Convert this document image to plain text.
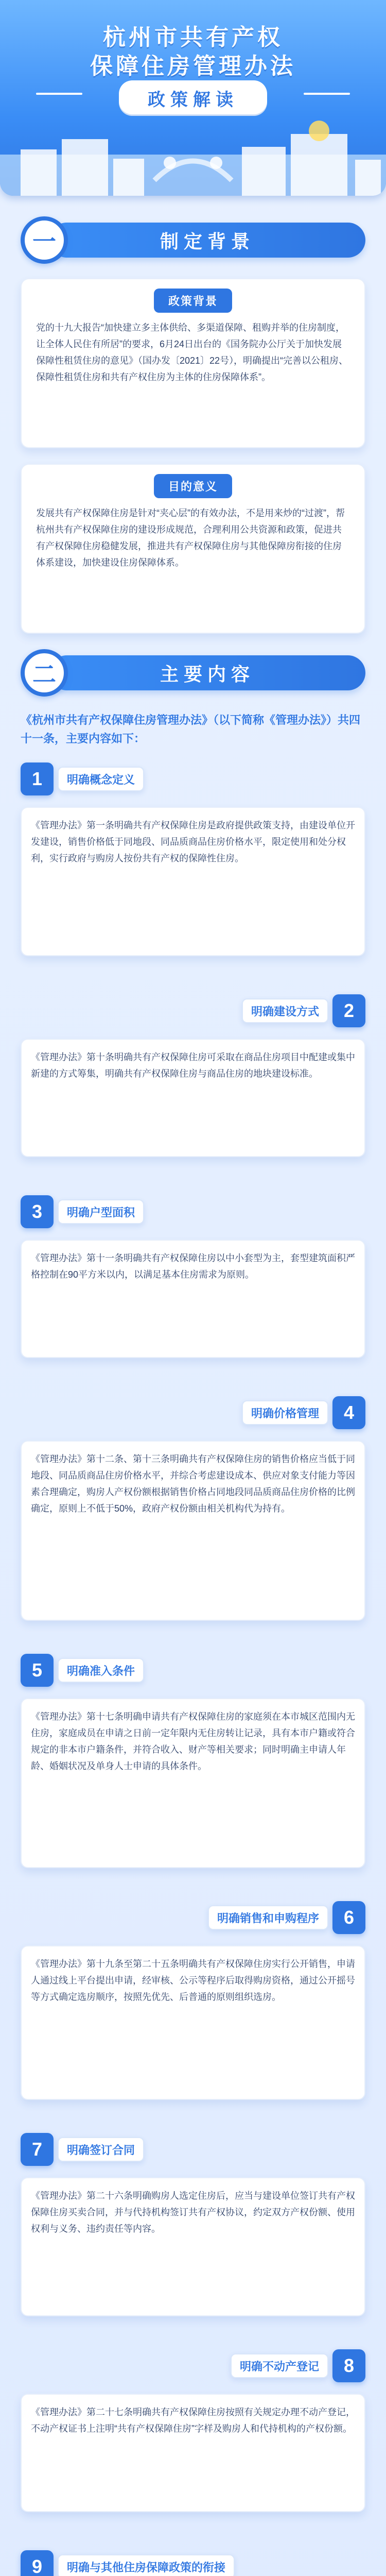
杭州市共有产权
保障住房管理办法
政策解读
一	制定背景
政策背景
党的十九大报告“加快建立多主体供给、多渠道保障、租购并举的住房制度，让全体人民住有所居”的要求，6月24日出台的《国务院办公厅关于加快发展保障性租赁住房的意见》（国办发〔2021〕22号），明确提出“完善以公租房、保障性租赁住房和共有产权住房为主体的住房保障体系”。
目的意义
发展共有产权保障住房是针对“夹心层”的有效办法，不是用来炒的“过渡”，帮杭州共有产权保障住房的建设形成规范，合理利用公共资源和政策，促进共有产权保障住房稳健发展，推进共有产权保障住房与其他保障房衔接的住房体系建设，加快建设住房保障体系。
二	主要内容
《杭州市共有产权保障住房管理办法》（以下简称《管理办法》）共四十一条，主要内容如下：
1	明确概念定义
《管理办法》第一条明确共有产权保障住房是政府提供政策支持，由建设单位开发建设，销售价格低于同地段、同品质商品住房价格水平，限定使用和处分权利，实行政府与购房人按份共有产权的保障性住房。
2
明确建设方式
《管理办法》第十条明确共有产权保障住房可采取在商品住房项目中配建或集中新建的方式筹集，明确共有产权保障住房与商品住房的地块建设标准。
3	明确户型面积
《管理办法》第十一条明确共有产权保障住房以中小套型为主，套型建筑面积严格控制在90平方米以内，以满足基本住房需求为原则。
4
明确价格管理
《管理办法》第十二条、第十三条明确共有产权保障住房的销售价格应当低于同地段、同品质商品住房价格水平，并综合考虑建设成本、供应对象支付能力等因素合理确定，购房人产权份额根据销售价格占同地段同品质商品住房价格的比例确定，原则上不低于50%，政府产权份额由相关机构代为持有。
5	明确准入条件
《管理办法》第十七条明确申请共有产权保障住房的家庭须在本市城区范围内无住房，家庭成员在申请之日前一定年限内无住房转让记录，具有本市户籍或符合规定的非本市户籍条件，并符合收入、财产等相关要求；同时明确主申请人年龄、婚姻状况及单身人士申请的具体条件。
6
明确销售和申购程序
《管理办法》第十九条至第二十五条明确共有产权保障住房实行公开销售，申请人通过线上平台提出申请，经审核、公示等程序后取得购房资格，通过公开摇号等方式确定选房顺序，按照先优先、后普通的原则组织选房。
7	明确签订合同
《管理办法》第二十六条明确购房人选定住房后，应当与建设单位签订共有产权保障住房买卖合同，并与代持机构签订共有产权协议，约定双方产权份额、使用权利与义务、违约责任等内容。
8
明确不动产登记
《管理办法》第二十七条明确共有产权保障住房按照有关规定办理不动产登记，不动产权证书上注明“共有产权保障住房”字样及购房人和代持机构的产权份额。
9	明确与其他住房保障政策的衔接
